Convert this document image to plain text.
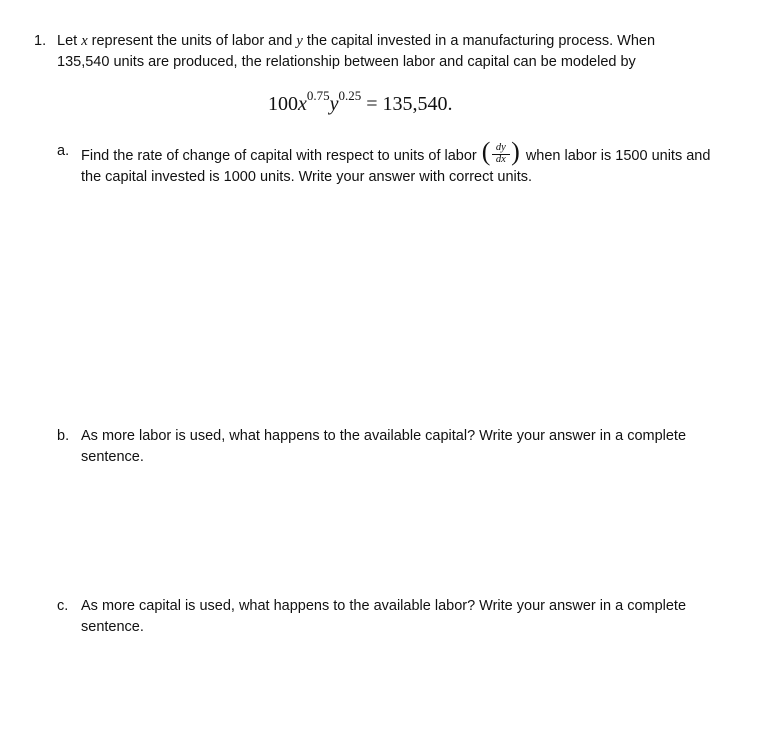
1. Let x represent the units of labor and y the capital invested in a manufacturing process. When
135,540 units are produced, the relationship between labor and capital can be modeled by
$100x^{0.75}y^{0.25} = 135,540$.
a. Find the rate of change of capital with respect to units of labor ( dy
dx ) when labor is 1500 units and
the capital invested is 1000 units. Write your answer with correct units.
b. As more labor is used, what happens to the available capital? Write your answer in a complete
sentence.
c. As more capital is used, what happens to the available labor? Write your answer in a complete
sentence.
